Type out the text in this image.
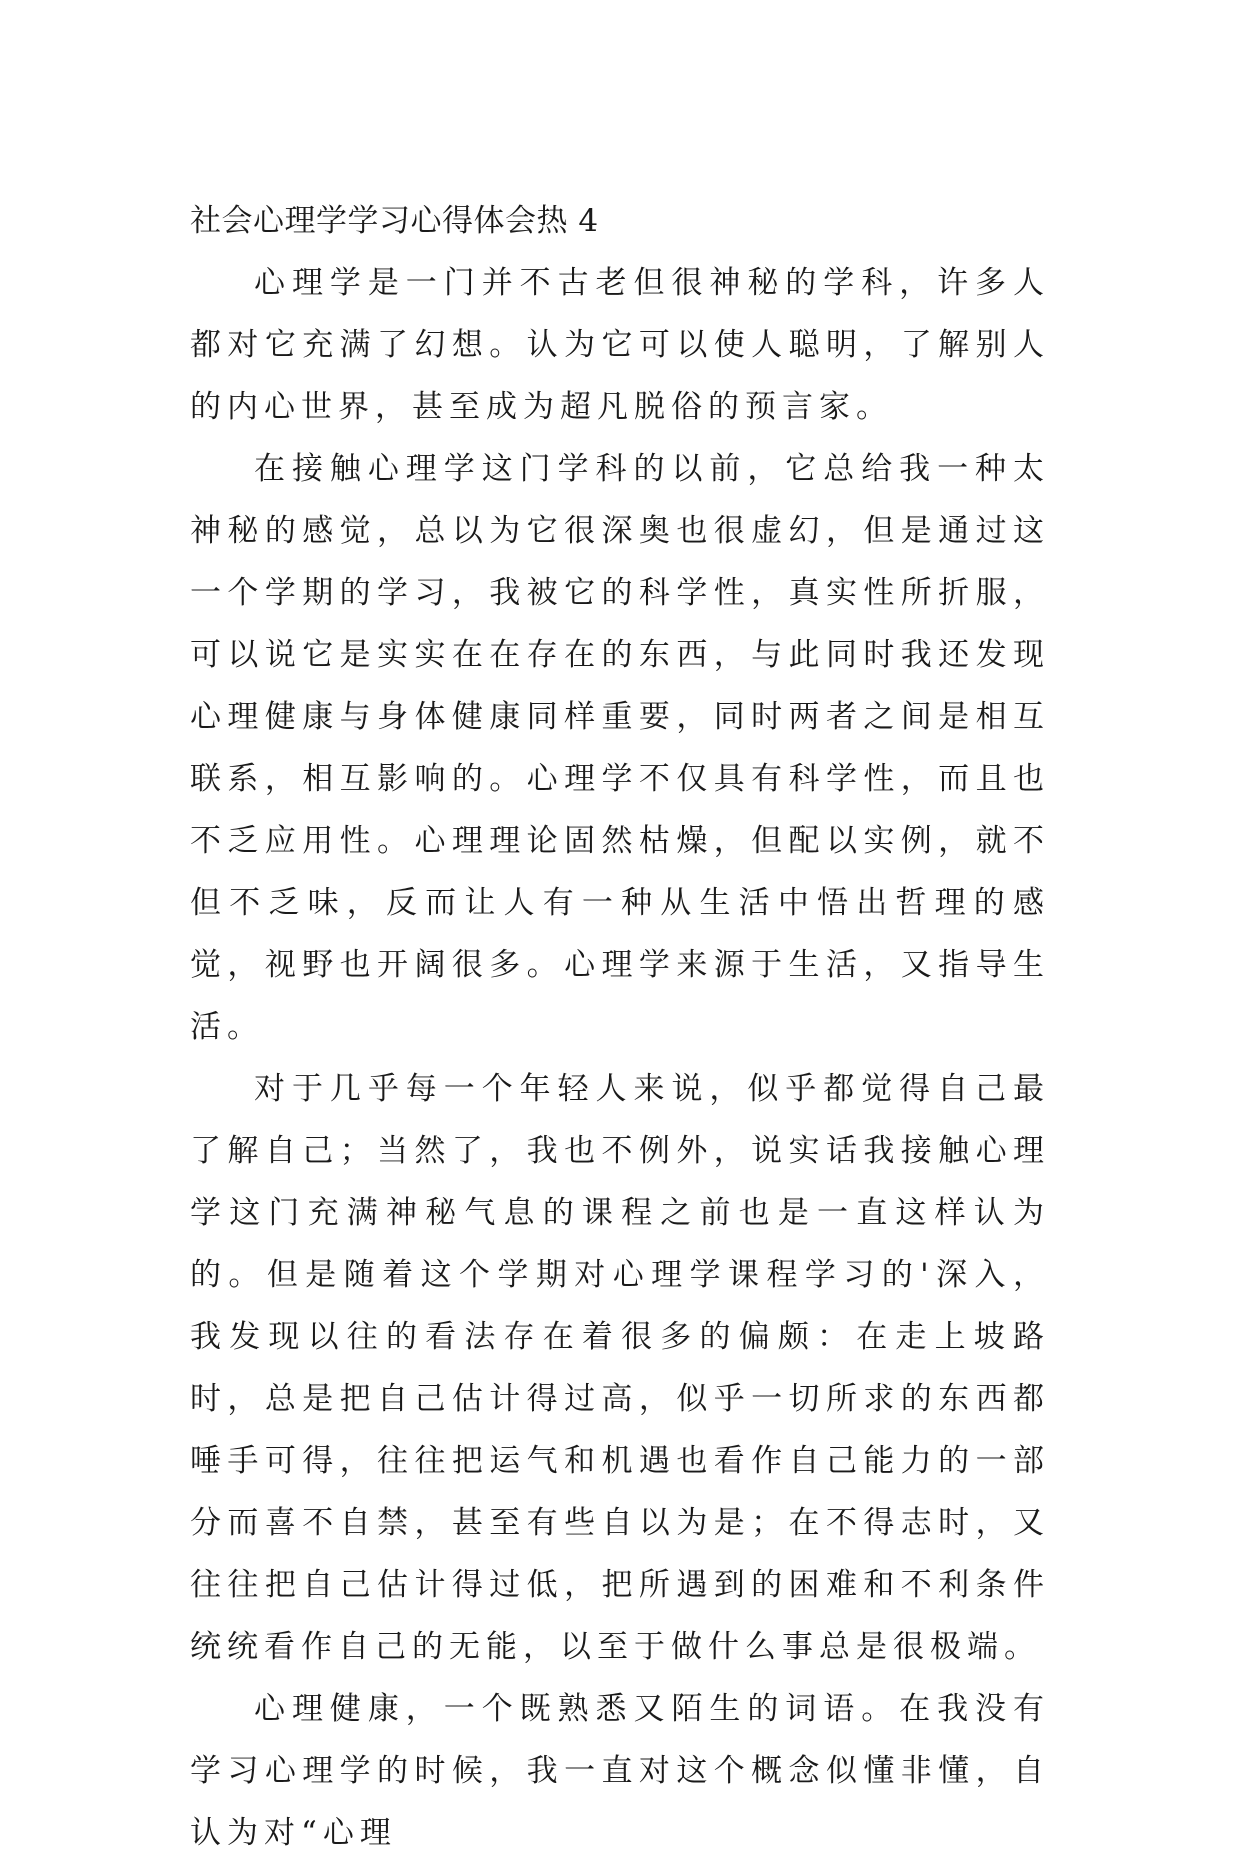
社会心理学学习心得体会热 4

心理学是一门并不古老但很神秘的学科，许多人都对它充满了幻想。认为它可以使人聪明，了解别人的内心世界，甚至成为超凡脱俗的预言家。

在接触心理学这门学科的以前，它总给我一种太神秘的感觉，总以为它很深奥也很虚幻，但是通过这一个学期的学习，我被它的科学性，真实性所折服，可以说它是实实在在存在的东西，与此同时我还发现心理健康与身体健康同样重要，同时两者之间是相互联系，相互影响的。心理学不仅具有科学性，而且也不乏应用性。心理理论固然枯燥，但配以实例，就不但不乏味，反而让人有一种从生活中悟出哲理的感觉，视野也开阔很多。心理学来源于生活，又指导生活。

对于几乎每一个年轻人来说，似乎都觉得自己最了解自己；当然了，我也不例外，说实话我接触心理学这门充满神秘气息的课程之前也是一直这样认为的。但是随着这个学期对心理学课程学习的'深入，我发现以往的看法存在着很多的偏颇：在走上坡路时，总是把自己估计得过高，似乎一切所求的东西都唾手可得，往往把运气和机遇也看作自己能力的一部分而喜不自禁，甚至有些自以为是；在不得志时，又往往把自己估计得过低，把所遇到的困难和不利条件统统看作自己的无能，以至于做什么事总是很极端。

心理健康，一个既熟悉又陌生的词语。在我没有学习心理学的时候，我一直对这个概念似懂非懂，自认为对“心理
